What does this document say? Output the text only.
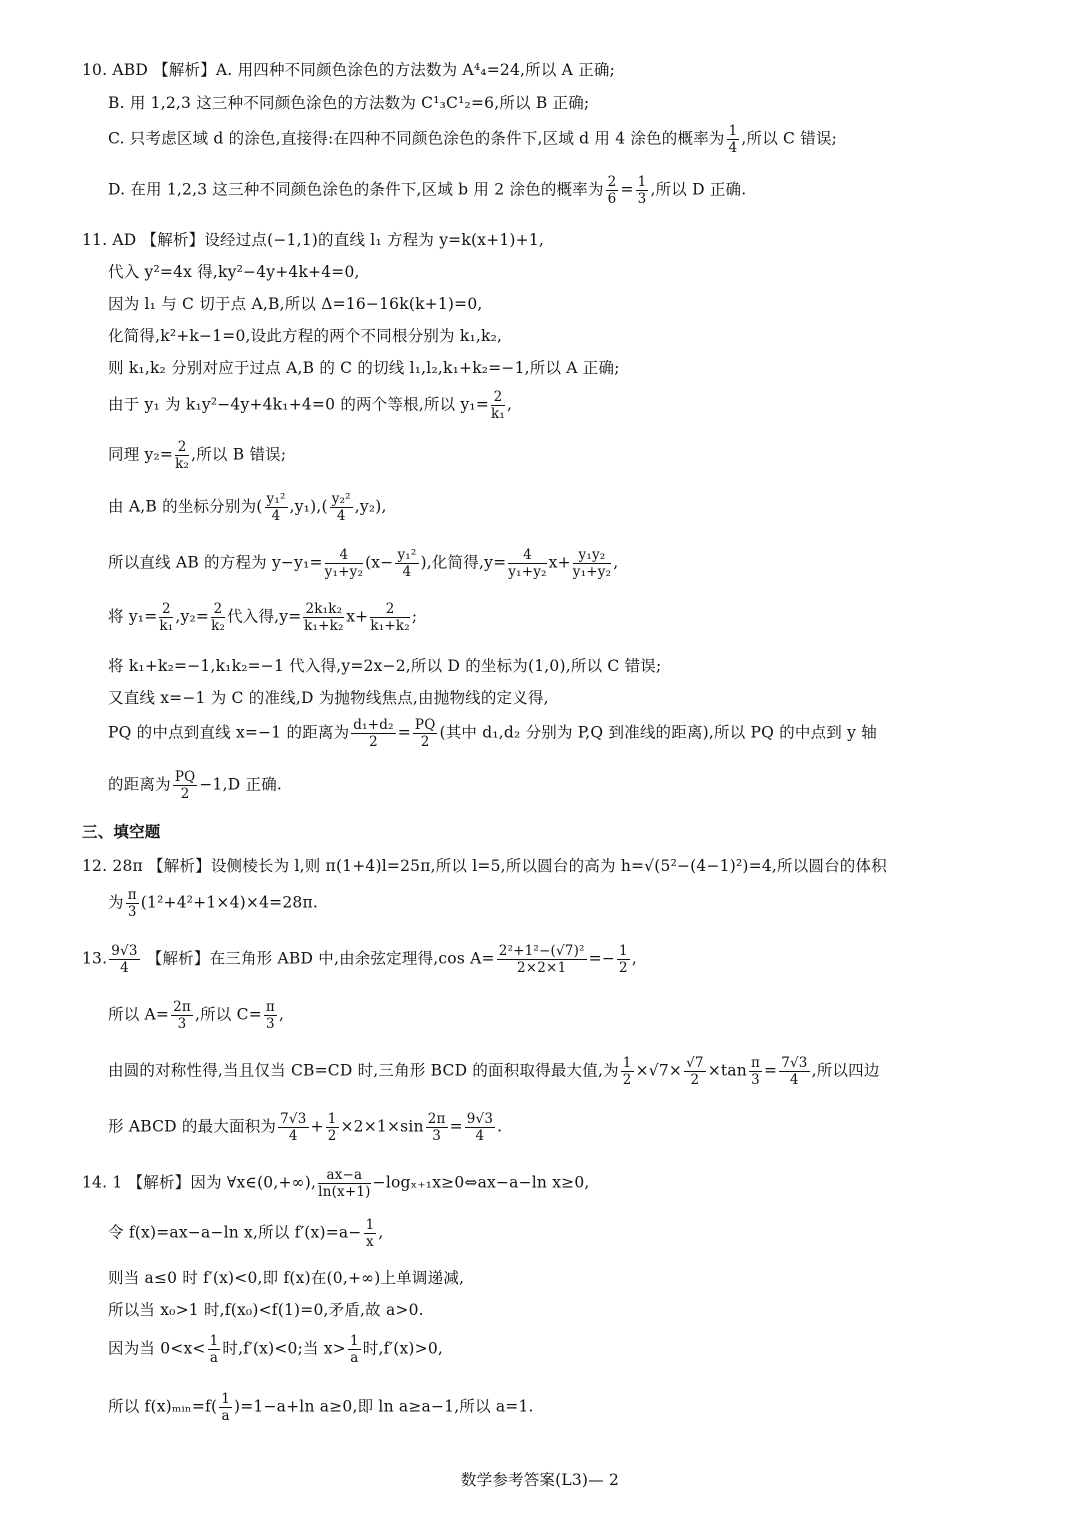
10. ABD 【解析】A. 用四种不同颜色涂色的方法数为 A⁴₄=24,所以 A 正确;
B. 用 1,2,3 这三种不同颜色涂色的方法数为 C¹₃C¹₂=6,所以 B 正确;
C. 只考虑区域 d 的涂色,直接得:在四种不同颜色涂色的条件下,区域 d 用 4 涂色的概率为 $\frac{1}{4}$ ,所以 C 错误;
D. 在用 1,2,3 这三种不同颜色涂色的条件下,区域 b 用 2 涂色的概率为 $\frac{2}{6} = \frac{1}{3}$ ,所以 D 正确.
11. AD 【解析】设经过点(−1,1)的直线 l₁ 方程为 y=k(x+1)+1,
代入 y²=4x 得,ky²−4y+4k+4=0,
因为 l₁ 与 C 切于点 A,B,所以 Δ=16−16k(k+1)=0,
化简得,k²+k−1=0,设此方程的两个不同根分别为 k₁,k₂,
则 k₁,k₂ 分别对应于过点 A,B 的 C 的切线 l₁,l₂,k₁+k₂=−1,所以 A 正确;
由于 y₁ 为 k₁y²−4y+4k₁+4=0 的两个等根,所以 $y_1= \frac{2}{\text{k₁}}$ ,
同理 $y_2= \frac{2}{\text{k₂}}$ ,所以 B 错误;
由 A,B 的坐标分别为( $\frac{\text{y₁²}}{4} ,y_1),( \frac{\text{y₂²}}{4} ,y_2)$,
所以直线 AB 的方程为 $y-y_1= \frac{4}{\text{y₁+y₂}} (x- \frac{\text{y₁²}}{4}$ ),化简得$,y= \frac{4}{\text{y₁+y₂}} x+ \frac{\text{y₁y₂}}{\text{y₁+y₂}}$ ,
将 $y_1= \frac{2}{\text{k₁}} ,y_2= \frac{2}{\text{k₂}}$ 代入得$,y= \frac{\text{2k₁k₂}}{\text{k₁+k₂}} x+ \frac{2}{\text{k₁+k₂}}$ ;
将 k₁+k₂=−1,k₁k₂=−1 代入得,y=2x−2,所以 D 的坐标为(1,0),所以 C 错误;
又直线 x=−1 为 C 的准线,D 为抛物线焦点,由抛物线的定义得,
PQ 的中点到直线 x=−1 的距离为 $\frac{\text{d₁+d₂}}{2} = \frac{PQ}{2}$ (其中 d₁,d₂ 分别为 P,Q 到准线的距离),所以 PQ 的中点到 y 轴
的距离为 $\frac{PQ}{2} -1,D$ 正确.
三、填空题
12. 28π 【解析】设侧棱长为 l,则 π(1+4)l=25π,所以 l=5,所以圆台的高为 h=√(5²−(4−1)²)=4,所以圆台的体积
为 $\frac{\pi}{3} (1^2+4^2+1\times 4)\times 4=28\pi$.
13. $\frac{9√3}{4}$ 【解析】在三角形 ABD 中,由余弦定理得,cos $A= \frac{\text{2²+1²−(√7)²}}{2\times 2\times 1} =- \frac{1}{2}$ ,
所以 $A= \frac{2\pi}{3}$ ,所以 $C= \frac{\pi}{3}$ ,
由圆的对称性得,当且仅当 CB=CD 时,三角形 BCD 的面积取得最大值,为 $\frac{1}{2} \times√7\times \frac{√7}{2} \times\tan \frac{\pi}{3} = \frac{7√3}{4}$ ,所以四边
形 ABCD 的最大面积为 $\frac{7√3}{4} + \frac{1}{2} \times 2\times 1\times\sin \frac{2\pi}{3} = \frac{9√3}{4}$ .
14. 1 【解析】因为 ∀x∈(0,+∞), $\frac{ax-a}{\ln(x+1)}$ −logₓ₊₁x≥0⇔ax−a−ln x≥0,
令 f(x)=ax−a−ln x,所以 $f'(x)=a- \frac{1}{x}$ ,
则当 a≤0 时 f′(x)<0,即 f(x)在(0,+∞)上单调递减,
所以当 x₀>1 时,f(x₀)<f(1)=0,矛盾,故 a>0.
因为当 $0<x< \frac{1}{a}$ 时,f′(x)<0;当 $x> \frac{1}{a}$ 时,f′(x)>0,
所以 f(x)ₘᵢₙ=f( $\frac{1}{a} )=1-a+\ln$ a≥0,即 ln a≥a−1,所以 a=1.
数学参考答案(L3)— 2
